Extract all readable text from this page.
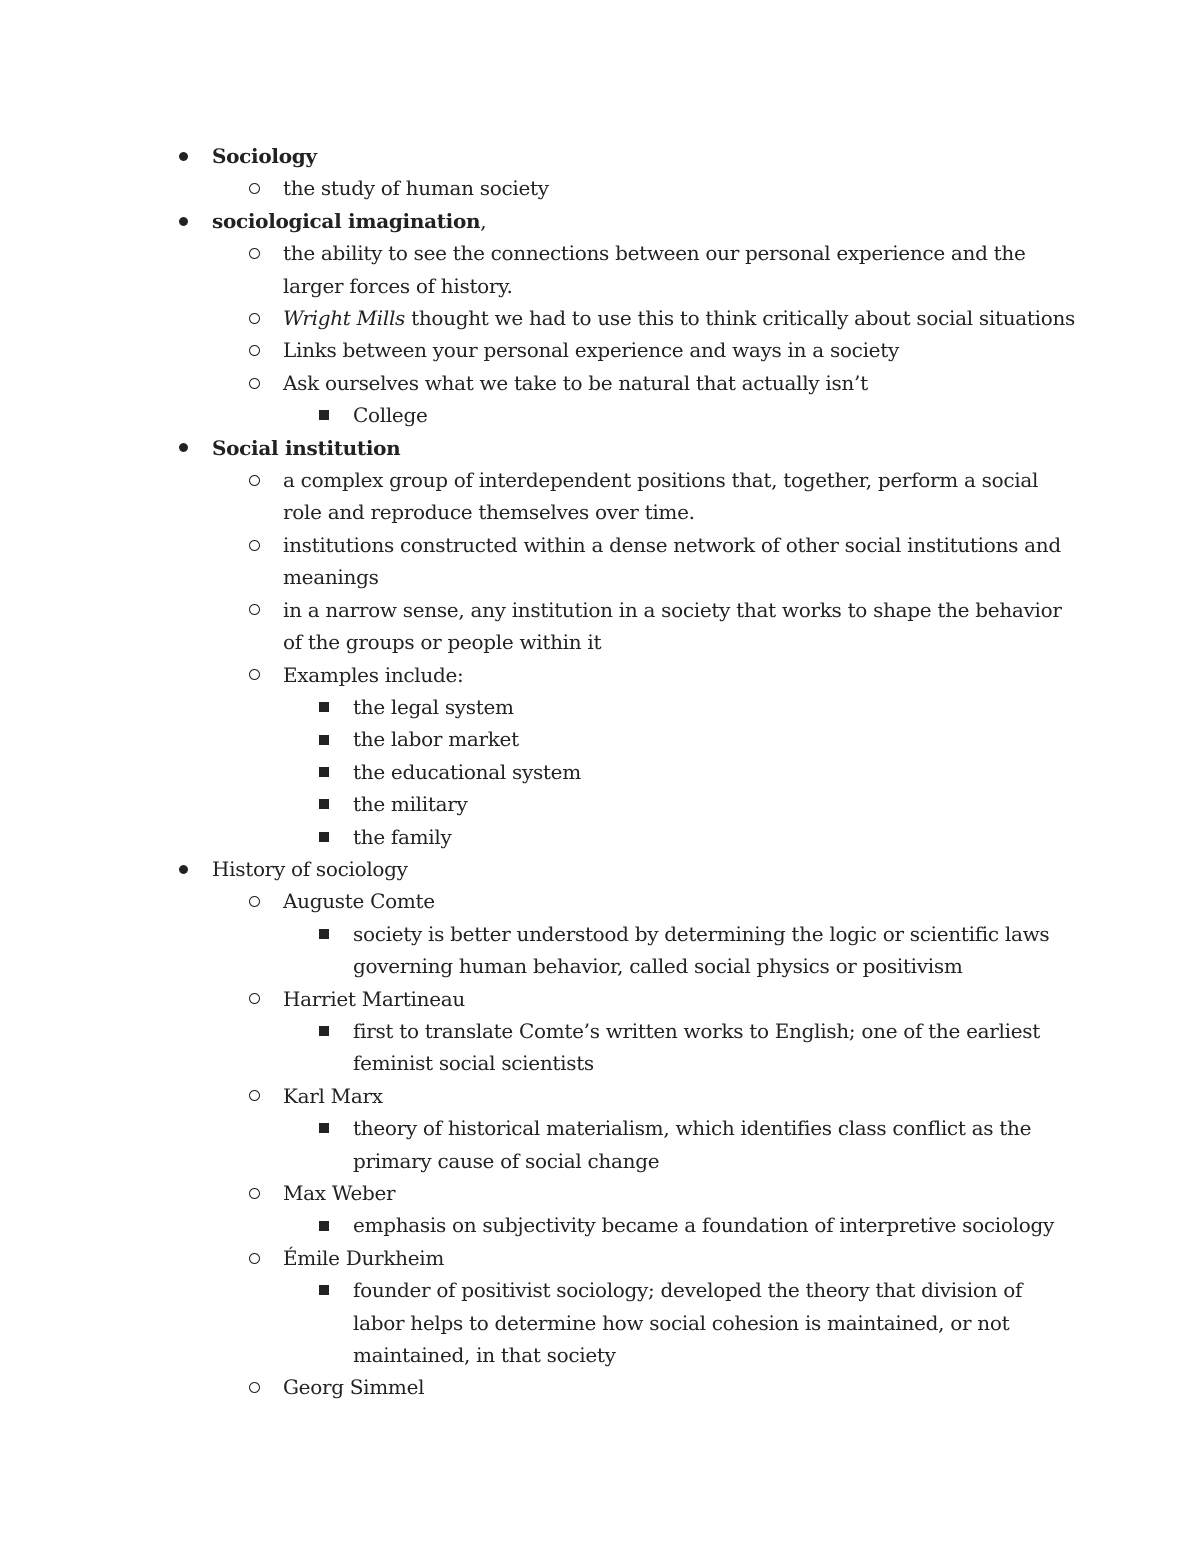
Sociology
the study of human society
sociological imagination,
the ability to see the connections between our personal experience and the larger forces of history.
Wright Mills thought we had to use this to think critically about social situations
Links between your personal experience and ways in a society
Ask ourselves what we take to be natural that actually isn’t
College
Social institution
a complex group of interdependent positions that, together, perform a social role and reproduce themselves over time.
institutions constructed within a dense network of other social institutions and meanings
in a narrow sense, any institution in a society that works to shape the behavior of the groups or people within it
Examples include:
the legal system
the labor market
the educational system
the military
the family
History of sociology
Auguste Comte
society is better understood by determining the logic or scientific laws governing human behavior, called social physics or positivism
Harriet Martineau
first to translate Comte’s written works to English; one of the earliest feminist social scientists
Karl Marx
theory of historical materialism, which identifies class conflict as the primary cause of social change
Max Weber
emphasis on subjectivity became a foundation of interpretive sociology
Émile Durkheim
founder of positivist sociology; developed the theory that division of labor helps to determine how social cohesion is maintained, or not maintained, in that society
Georg Simmel
